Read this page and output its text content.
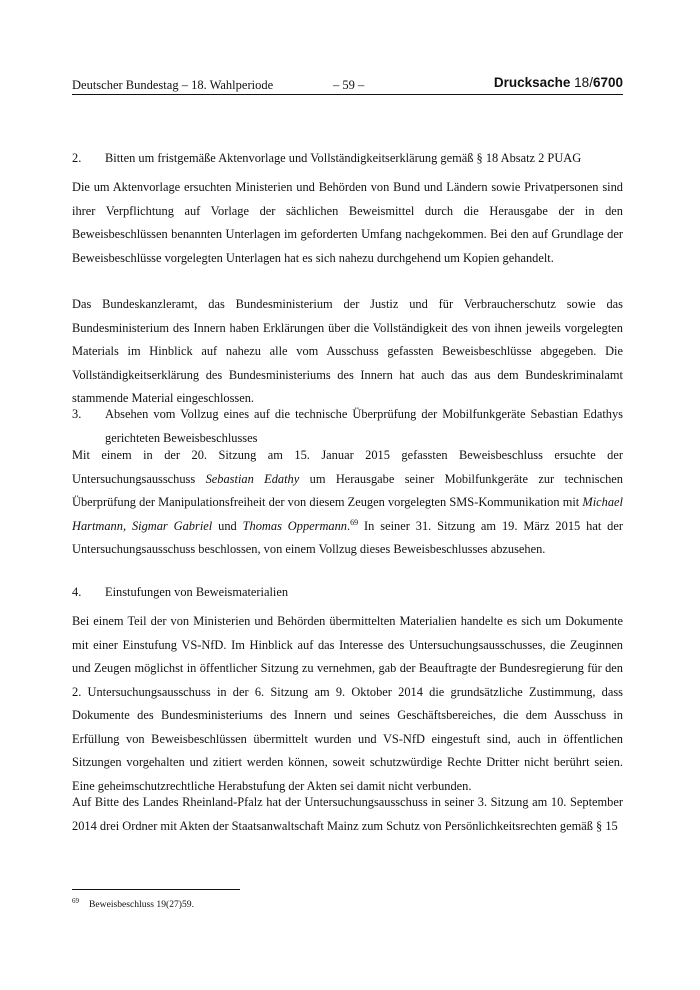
Deutscher Bundestag – 18. Wahlperiode	– 59 –	Drucksache 18/6700
2. Bitten um fristgemäße Aktenvorlage und Vollständigkeitserklärung gemäß § 18 Absatz 2 PUAG

Die um Aktenvorlage ersuchten Ministerien und Behörden von Bund und Ländern sowie Privatpersonen sind ihrer Verpflichtung auf Vorlage der sächlichen Beweismittel durch die Herausgabe der in den Beweisbeschlüssen benannten Unterlagen im geforderten Umfang nachgekommen. Bei den auf Grundlage der Beweisbeschlüsse vorgelegten Unterlagen hat es sich nahezu durchgehend um Kopien gehandelt.

Das Bundeskanzleramt, das Bundesministerium der Justiz und für Verbraucherschutz sowie das Bundesministerium des Innern haben Erklärungen über die Vollständigkeit des von ihnen jeweils vorgelegten Materials im Hinblick auf nahezu alle vom Ausschuss gefassten Beweisbeschlüsse abgegeben. Die Vollständigkeitserklärung des Bundesministeriums des Innern hat auch das aus dem Bundeskriminalamt stammende Material eingeschlossen.

3. Absehen vom Vollzug eines auf die technische Überprüfung der Mobilfunkgeräte Sebastian Edathys gerichteten Beweisbeschlusses

Mit einem in der 20. Sitzung am 15. Januar 2015 gefassten Beweisbeschluss ersuchte der Untersuchungsausschuss Sebastian Edathy um Herausgabe seiner Mobilfunkgeräte zur technischen Überprüfung der Manipulationsfreiheit der von diesem Zeugen vorgelegten SMS-Kommunikation mit Michael Hartmann, Sigmar Gabriel und Thomas Oppermann.$^{69}$ In seiner 31. Sitzung am 19. März 2015 hat der Untersuchungsausschuss beschlossen, von einem Vollzug dieses Beweisbeschlusses abzusehen.

4. Einstufungen von Beweismaterialien

Bei einem Teil der von Ministerien und Behörden übermittelten Materialien handelte es sich um Dokumente mit einer Einstufung VS-NfD. Im Hinblick auf das Interesse des Untersuchungsausschusses, die Zeuginnen und Zeugen möglichst in öffentlicher Sitzung zu vernehmen, gab der Beauftragte der Bundesregierung für den 2. Untersuchungsausschuss in der 6. Sitzung am 9. Oktober 2014 die grundsätzliche Zustimmung, dass Dokumente des Bundesministeriums des Innern und seines Geschäftsbereiches, die dem Ausschuss in Erfüllung von Beweisbeschlüssen übermittelt wurden und VS-NfD eingestuft sind, auch in öffentlichen Sitzungen vorgehalten und zitiert werden können, soweit schutzwürdige Rechte Dritter nicht berührt seien. Eine geheimschutzrechtliche Herabstufung der Akten sei damit nicht verbunden.

Auf Bitte des Landes Rheinland-Pfalz hat der Untersuchungsausschuss in seiner 3. Sitzung am 10. September 2014 drei Ordner mit Akten der Staatsanwaltschaft Mainz zum Schutz von Persönlichkeitsrechten gemäß § 15

$^{69}$ Beweisbeschluss 19(27)59.
